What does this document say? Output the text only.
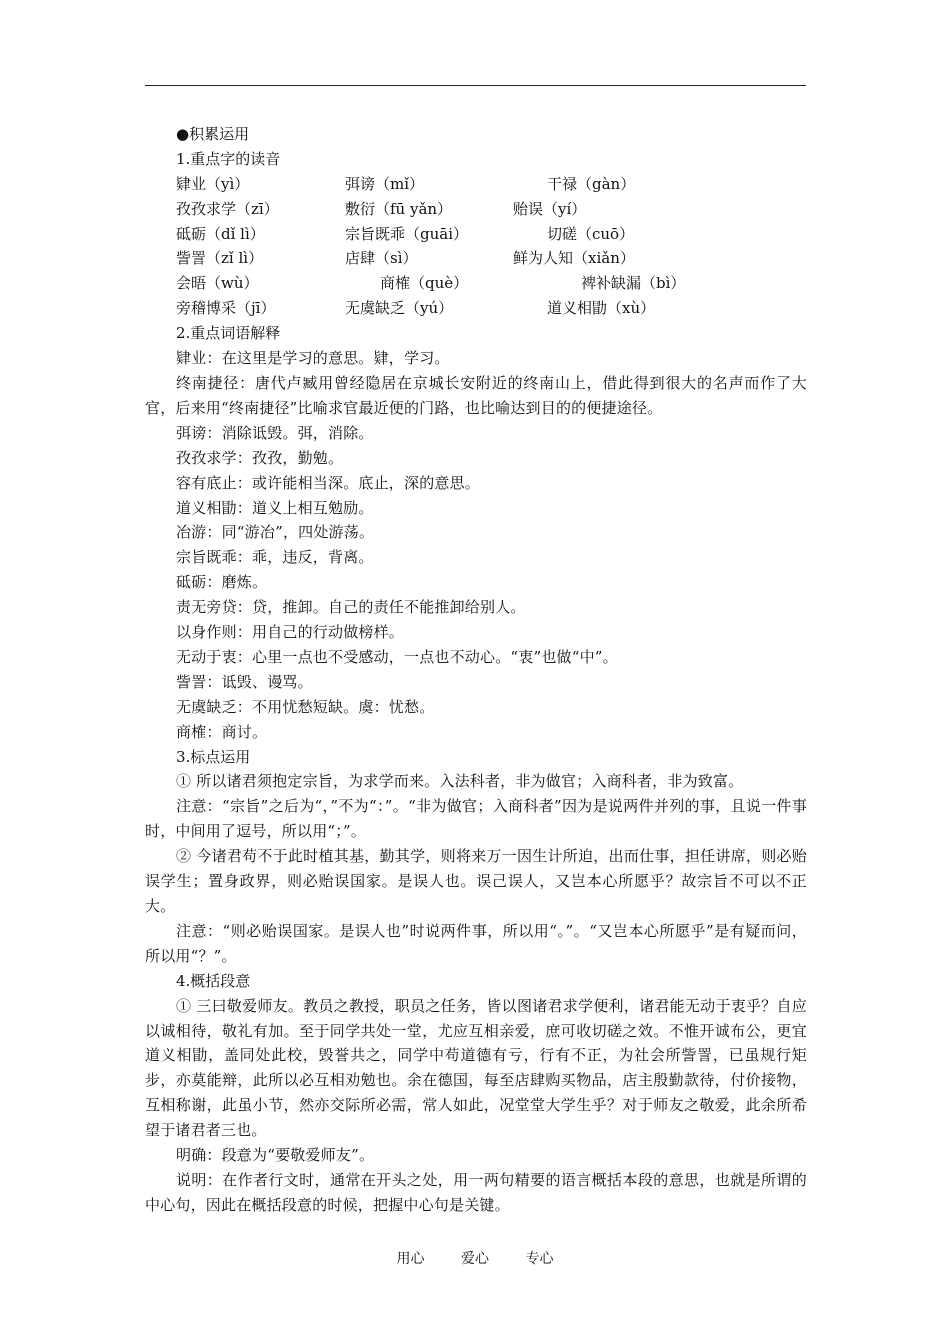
●积累运用
1.重点字的读音
肄业（yì）	弭谤（mǐ）	干禄（gàn）
孜孜求学（zī）	敷衍（fū yǎn）	贻误（yí）
砥砺（dǐ lì）	宗旨既乖（guāi）	切磋（cuō）
訾詈（zǐ lì）	店肆（sì）	鲜为人知（xiǎn）
会晤（wù）	商榷（què）	裨补缺漏（bì）
旁稽博采（jī）	无虞缺乏（yú）	道义相勖（xù）
2.重点词语解释
肄业：在这里是学习的意思。肄，学习。
终南捷径：唐代卢臧用曾经隐居在京城长安附近的终南山上，借此得到很大的名声而作了大官，后来用“终南捷径”比喻求官最近便的门路，也比喻达到目的的便捷途径。
弭谤：消除诋毁。弭，消除。
孜孜求学：孜孜，勤勉。
容有底止：或许能相当深。底止，深的意思。
道义相勖：道义上相互勉励。
冶游：同“游冶”，四处游荡。
宗旨既乖：乖，违反，背离。
砥砺：磨炼。
责无旁贷：贷，推卸。自己的责任不能推卸给别人。
以身作则：用自己的行动做榜样。
无动于衷：心里一点也不受感动，一点也不动心。“衷”也做“中”。
訾詈：诋毁、谩骂。
无虞缺乏：不用忧愁短缺。虞：忧愁。
商榷：商讨。
3.标点运用
① 所以诸君须抱定宗旨，为求学而来。入法科者，非为做官；入商科者，非为致富。
注意：“宗旨”之后为“，”不为“：”。“非为做官；入商科者”因为是说两件并列的事，且说一件事时，中间用了逗号，所以用“；”。
② 今诸君苟不于此时植其基，勤其学，则将来万一因生计所迫，出而仕事，担任讲席，则必贻误学生；置身政界，则必贻误国家。是误人也。误己误人，又岂本心所愿乎？故宗旨不可以不正大。
注意：“则必贻误国家。是误人也”时说两件事，所以用“。”。“又岂本心所愿乎”是有疑而问，所以用“？”。
4.概括段意
① 三曰敬爱师友。教员之教授，职员之任务，皆以图诸君求学便利，诸君能无动于衷乎？自应以诚相待，敬礼有加。至于同学共处一堂，尤应互相亲爱，庶可收切磋之效。不惟开诚布公，更宜道义相勖，盖同处此校，毁誉共之，同学中苟道德有亏，行有不正，为社会所訾詈，已虽规行矩步，亦莫能辩，此所以必互相劝勉也。余在德国，每至店肆购买物品，店主殷勤款待，付价接物，互相称谢，此虽小节，然亦交际所必需，常人如此，况堂堂大学生乎？对于师友之敬爱，此余所希望于诸君者三也。
明确：段意为“要敬爱师友”。
说明：在作者行文时，通常在开头之处，用一两句精要的语言概括本段的意思，也就是所谓的中心句，因此在概括段意的时候，把握中心句是关键。
用心	爱心	专心
